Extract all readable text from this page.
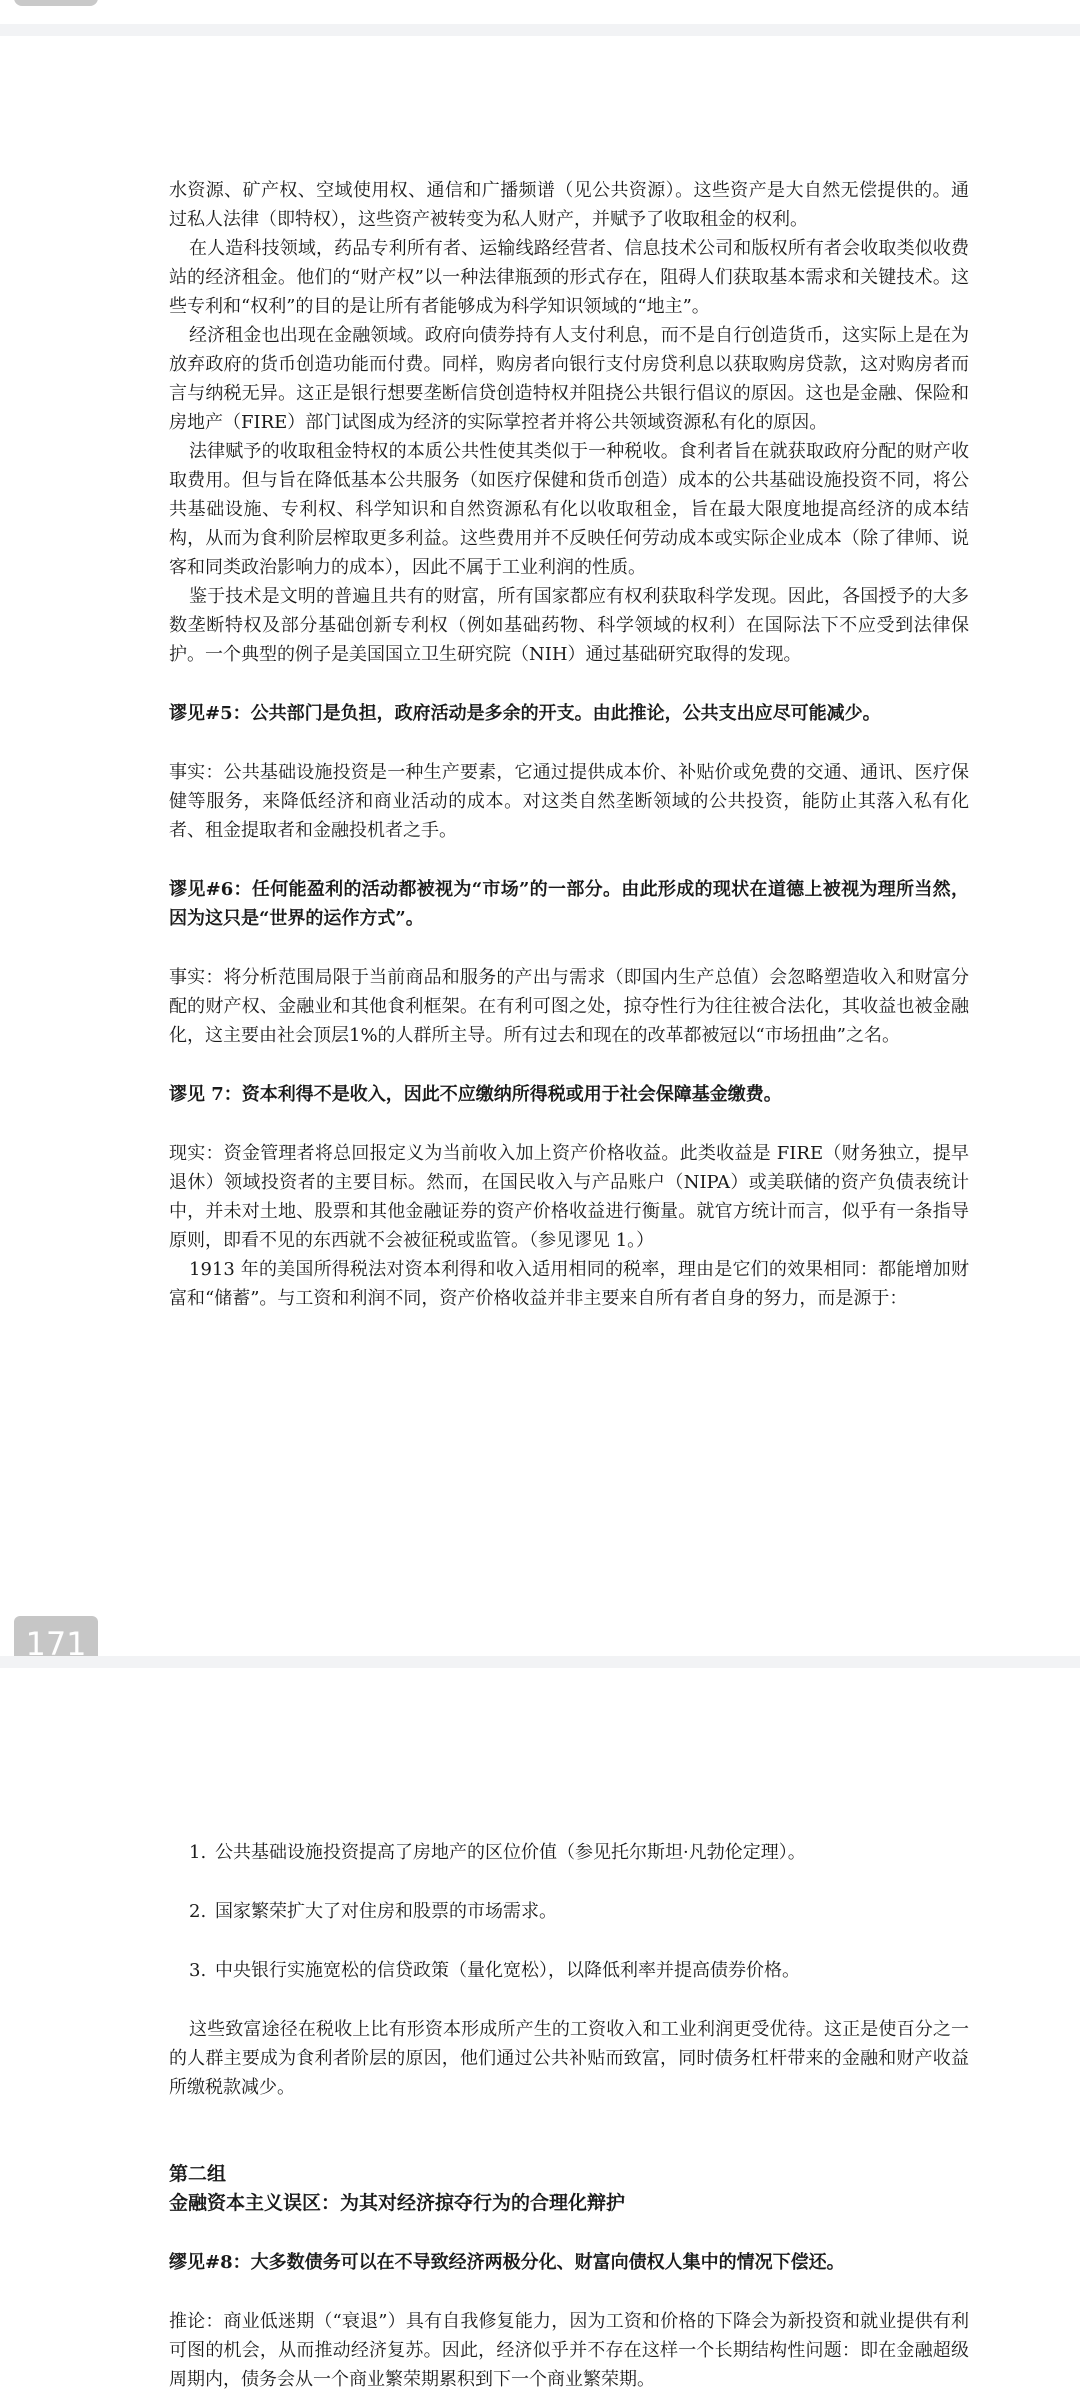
水资源、矿产权、空域使用权、通信和广播频谱（见公共资源）。这些资产是大自然无偿提供的。通过私人法律（即特权），这些资产被转变为私人财产，并赋予了收取租金的权利。

在人造科技领域，药品专利所有者、运输线路经营者、信息技术公司和版权所有者会收取类似收费站的经济租金。他们的“财产权”以一种法律瓶颈的形式存在，阻碍人们获取基本需求和关键技术。这些专利和“权利”的目的是让所有者能够成为科学知识领域的“地主”。

经济租金也出现在金融领域。政府向债券持有人支付利息，而不是自行创造货币，这实际上是在为放弃政府的货币创造功能而付费。同样，购房者向银行支付房贷利息以获取购房贷款，这对购房者而言与纳税无异。这正是银行想要垄断信贷创造特权并阻挠公共银行倡议的原因。这也是金融、保险和房地产（FIRE）部门试图成为经济的实际掌控者并将公共领域资源私有化的原因。

法律赋予的收取租金特权的本质公共性使其类似于一种税收。食利者旨在就获取政府分配的财产收取费用。但与旨在降低基本公共服务（如医疗保健和货币创造）成本的公共基础设施投资不同，将公共基础设施、专利权、科学知识和自然资源私有化以收取租金，旨在最大限度地提高经济的成本结构，从而为食利阶层榨取更多利益。这些费用并不反映任何劳动成本或实际企业成本（除了律师、说客和同类政治影响力的成本），因此不属于工业利润的性质。

鉴于技术是文明的普遍且共有的财富，所有国家都应有权利获取科学发现。因此，各国授予的大多数垄断特权及部分基础创新专利权（例如基础药物、科学领域的权利）在国际法下不应受到法律保护。一个典型的例子是美国国立卫生研究院（NIH）通过基础研究取得的发现。

谬见#5：公共部门是负担，政府活动是多余的开支。由此推论，公共支出应尽可能减少。

事实：公共基础设施投资是一种生产要素，它通过提供成本价、补贴价或免费的交通、通讯、医疗保健等服务，来降低经济和商业活动的成本。对这类自然垄断领域的公共投资，能防止其落入私有化者、租金提取者和金融投机者之手。

谬见#6：任何能盈利的活动都被视为“市场”的一部分。由此形成的现状在道德上被视为理所当然，因为这只是“世界的运作方式”。

事实：将分析范围局限于当前商品和服务的产出与需求（即国内生产总值）会忽略塑造收入和财富分配的财产权、金融业和其他食利框架。在有利可图之处，掠夺性行为往往被合法化，其收益也被金融化，这主要由社会顶层1%的人群所主导。所有过去和现在的改革都被冠以“市场扭曲”之名。

谬见 7：资本利得不是收入，因此不应缴纳所得税或用于社会保障基金缴费。

现实：资金管理者将总回报定义为当前收入加上资产价格收益。此类收益是 FIRE（财务独立，提早退休）领域投资者的主要目标。然而，在国民收入与产品账户（NIPA）或美联储的资产负债表统计中，并未对土地、股票和其他金融证券的资产价格收益进行衡量。就官方统计而言，似乎有一条指导原则，即看不见的东西就不会被征税或监管。（参见谬见 1。）

1913 年的美国所得税法对资本利得和收入适用相同的税率，理由是它们的效果相同：都能增加财富和“储蓄”。与工资和利润不同，资产价格收益并非主要来自所有者自身的努力，而是源于：

171
1. 公共基础设施投资提高了房地产的区位价值（参见托尔斯坦·凡勃伦定理）。
2. 国家繁荣扩大了对住房和股票的市场需求。
3. 中央银行实施宽松的信贷政策（量化宽松），以降低利率并提高债券价格。

这些致富途径在税收上比有形资本形成所产生的工资收入和工业利润更受优待。这正是使百分之一的人群主要成为食利者阶层的原因，他们通过公共补贴而致富，同时债务杠杆带来的金融和财产收益所缴税款减少。

第二组
金融资本主义误区：为其对经济掠夺行为的合理化辩护

缪见#8：大多数债务可以在不导致经济两极分化、财富向债权人集中的情况下偿还。

推论：商业低迷期（“衰退”）具有自我修复能力，因为工资和价格的下降会为新投资和就业提供有利可图的机会，从而推动经济复苏。因此，经济似乎并不存在这样一个长期结构性问题：即在金融超级周期内，债务会从一个商业繁荣期累积到下一个商业繁荣期。
